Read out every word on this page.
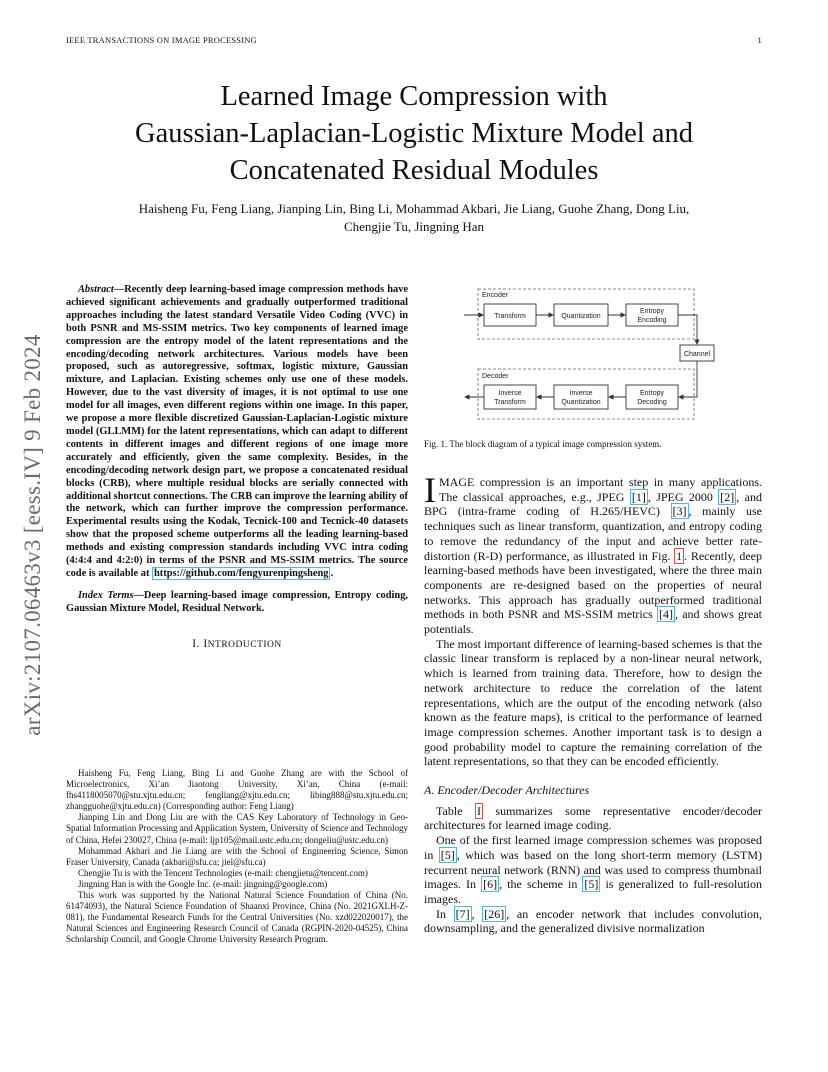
IEEE TRANSACTIONS ON IMAGE PROCESSING	1
Learned Image Compression with
Gaussian-Laplacian-Logistic Mixture Model and
Concatenated Residual Modules
Haisheng Fu, Feng Liang, Jianping Lin, Bing Li, Mohammad Akbari, Jie Liang, Guohe Zhang, Dong Liu,
Chengjie Tu, Jingning Han
arXiv:2107.06463v3 [eess.IV] 9 Feb 2024
Abstract—Recently deep learning-based image compression methods have achieved significant achievements and gradually outperformed traditional approaches including the latest standard Versatile Video Coding (VVC) in both PSNR and MS-SSIM metrics. Two key components of learned image compression are the entropy model of the latent representations and the encoding/decoding network architectures. Various models have been proposed, such as autoregressive, softmax, logistic mixture, Gaussian mixture, and Laplacian. Existing schemes only use one of these models. However, due to the vast diversity of images, it is not optimal to use one model for all images, even different regions within one image. In this paper, we propose a more flexible discretized Gaussian-Laplacian-Logistic mixture model (GLLMM) for the latent representations, which can adapt to different contents in different images and different regions of one image more accurately and efficiently, given the same complexity. Besides, in the encoding/decoding network design part, we propose a concatenated residual blocks (CRB), where multiple residual blocks are serially connected with additional shortcut connections. The CRB can improve the learning ability of the network, which can further improve the compression performance. Experimental results using the Kodak, Tecnick-100 and Tecnick-40 datasets show that the proposed scheme outperforms all the leading learning-based methods and existing compression standards including VVC intra coding (4:4:4 and 4:2:0) in terms of the PSNR and MS-SSIM metrics. The source code is available at https://github.com/fengyurenpingsheng .
Index Terms—Deep learning-based image compression, Entropy coding, Gaussian Mixture Model, Residual Network.
I. INTRODUCTION

Haisheng Fu, Feng Liang, Bing Li and Guohe Zhang are with the School of Microelectronics, Xi’an Jiaotong University, Xi’an, China (e-mail: fhs4118005070@stu.xjtu.edu.cn; fengliang@xjtu.edu.cn; libing888@stu.xjtu.edu.cn; zhangguohe@xjtu.edu.cn) (Corresponding author: Feng Liang)

Jianping Lin and Dong Liu are with the CAS Key Laboratory of Technology in Geo-Spatial Information Processing and Application System, University of Science and Technology of China, Hefei 230027, China (e-mail: ljp105@mail.ustc.edu.cn; dongeliu@ustc.edu.cn)

Mohammad Akbari and Jie Liang are with the School of Engineering Science, Simon Fraser University, Canada (akbari@sfu.ca; jiel@sfu.ca)

Chengjie Tu is with the Tencent Technologies (e-mail: chengjietu@tencent.com)

Jingning Han is with the Google Inc. (e-mail: jingning@google.com)

This work was supported by the National Natural Science Foundation of China (No. 61474093), the Natural Science Foundation of Shaanxi Province, China (No. 2021GXLH-Z-081), the Fundamental Research Funds for the Central Universities (No. xzd022020017), the Natural Sciences and Engineering Research Council of Canada (RGPIN-2020-04525), China Scholarship Council, and Google Chrome University Research Program.

Encoder
Decoder
Transform	Quantization
Entropy
Encoding
Channel
Inverse
Transform
Inverse
Quantization
Entropy
Decoding
Fig. 1. The block diagram of a typical image compression system.

IMAGE compression is an important step in many applications. The classical approaches, e.g., JPEG [1] , JPEG 2000 [2] , and BPG (intra-frame coding of H.265/HEVC) [3] , mainly use techniques such as linear transform, quantization, and entropy coding to remove the redundancy of the input and achieve better rate-distortion (R-D) performance, as illustrated in Fig. 1 . Recently, deep learning-based methods have been investigated, where the three main components are re-designed based on the properties of neural networks. This approach has gradually outperformed traditional methods in both PSNR and MS-SSIM metrics [4] , and shows great potentials.

The most important difference of learning-based schemes is that the classic linear transform is replaced by a non-linear neural network, which is learned from training data. Therefore, how to design the network architecture to reduce the correlation of the latent representations, which are the output of the encoding network (also known as the feature maps), is critical to the performance of learned image compression schemes. Another important task is to design a good probability model to capture the remaining correlation of the latent representations, so that they can be encoded efficiently.

A. Encoder/Decoder Architectures

Table I summarizes some representative encoder/decoder architectures for learned image coding.

One of the first learned image compression schemes was proposed in [5] , which was based on the long short-term memory (LSTM) recurrent neural network (RNN) and was used to compress thumbnail images. In [6] , the scheme in [5] is generalized to full-resolution images.

In [7] , [26] , an encoder network that includes convolution, downsampling, and the generalized divisive normalization
